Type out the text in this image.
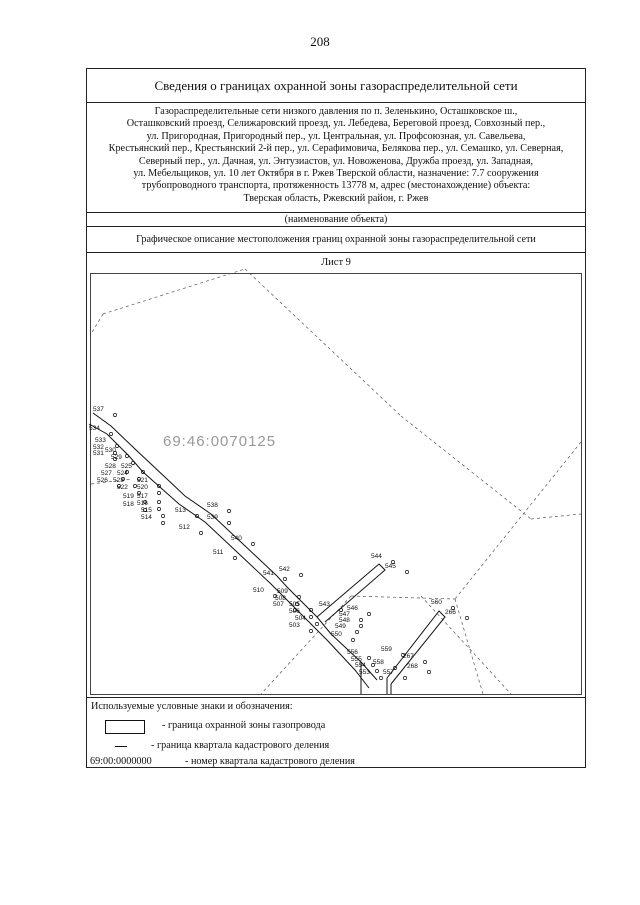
208
Сведения о границах охранной зоны газораспределительной сети
Газораспределительные сети низкого давления по п. Зеленькино, Осташковское ш.,
Осташковский проезд, Селижаровский проезд, ул. Лебедева, Береговой проезд, Совхозный пер.,
ул. Пригородная, Пригородный пер., ул. Центральная, ул. Профсоюзная, ул. Савельева,
Крестьянский пер., Крестьянский 2-й пер., ул. Серафимовича, Белякова пер., ул. Семашко, ул. Северная,
Северный пер., ул. Дачная, ул. Энтузиастов, ул. Новоженова, Дружба проезд, ул. Западная,
ул. Мебельщиков, ул. 10 лет Октября в г. Ржев Тверской области, назначение: 7.7 сооружения
трубопроводного транспорта, протяженность 13778 м, адрес (местонахождение) объекта:
Тверская область, Ржевский район, г. Ржев
(наименование объекта)
Графическое описание местоположения границ охранной зоны газораспределительной сети
Лист 9
69:46:0070125
537
534
533
532
531 530
529
528 525
527 524
526 523 521
522 520
519 517
518 516
515
514
538
513
539
512
540
511
542
541
544
545
510 509
508
507 505	543
546
506	547
504	548
503	549
550
560
266
556
555
559
267
554 558
268
553 557
Используемые условные знаки и обозначения:
- граница охранной зоны газопровода
- граница квартала кадастрового деления
69:00:0000000	- номер квартала кадастрового деления
